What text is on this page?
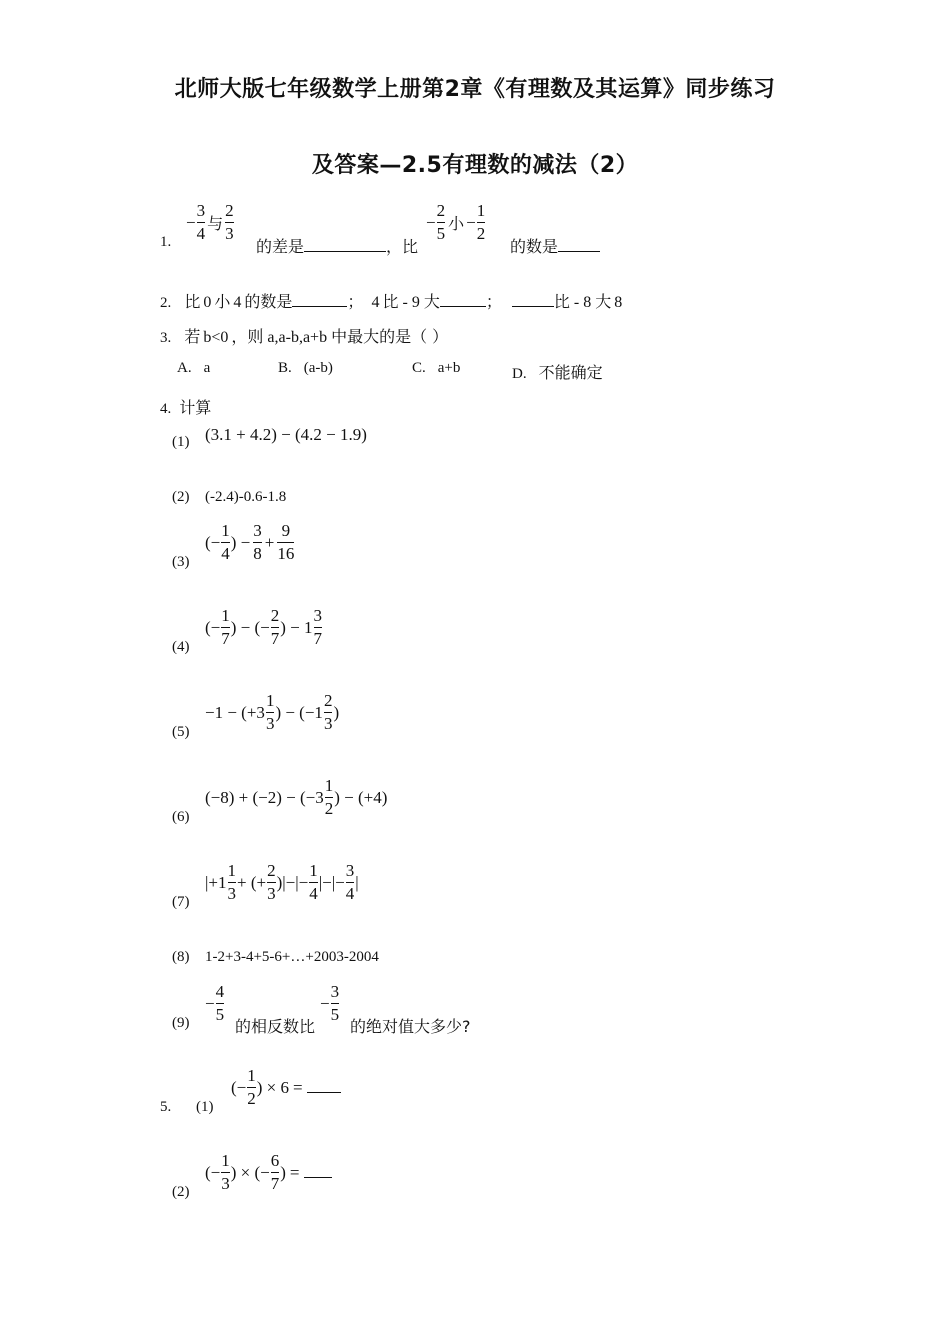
北师大版七年级数学上册第2章《有理数及其运算》同步练习
及答案—2.5有理数的减法（2）
1.
− $\frac{3}{4}$ 与 $\frac{2}{3}$
的差是	，比
− $\frac{2}{5}$ 小 − $\frac{1}{2}$
的数是
2. 比 0 小 4 的数是	； 4 比 - 9 大	；	比 - 8 大 8
3. 若 b<0 ，则 a,a-b,a+b 中最大的是（ ）
A. a	B. (a-b)	C. a+b	D. 不能确定
4. 计算
(1) (3.1 + 4.2) − (4.2 − 1.9)
(2) (-2.4)-0.6-1.8
(3)
(− $\frac{1}{4}$ ) − $\frac{3}{8} + \frac{9}{16}$
(4)
(− $\frac{1}{7}$ ) − (− $\frac{2}{7}$ ) − $1 \frac{3}{7}$
(5)
$-1 - (+3 \frac{1}{3}$ ) − ($-1 \frac{2}{3}$ )
(6)
$(-8) + (-2) - (-3 \frac{1}{2}$ ) − (+4)
(7)
$|+1 \frac{1}{3}$ + (+ $\frac{2}{3}$ )|−|− $\frac{1}{4}$ |−|− $\frac{3}{4}$ |
(8) 1-2+3-4+5-6+…+2003-2004
(9)
− $\frac{4}{5}$
的相反数比
− $\frac{3}{5}$
的绝对值大多少?
5. (1)
(− $\frac{1}{2}$ ) × 6 =
(2)
(− $\frac{1}{3}$ ) × (− $\frac{6}{7}$ ) =
